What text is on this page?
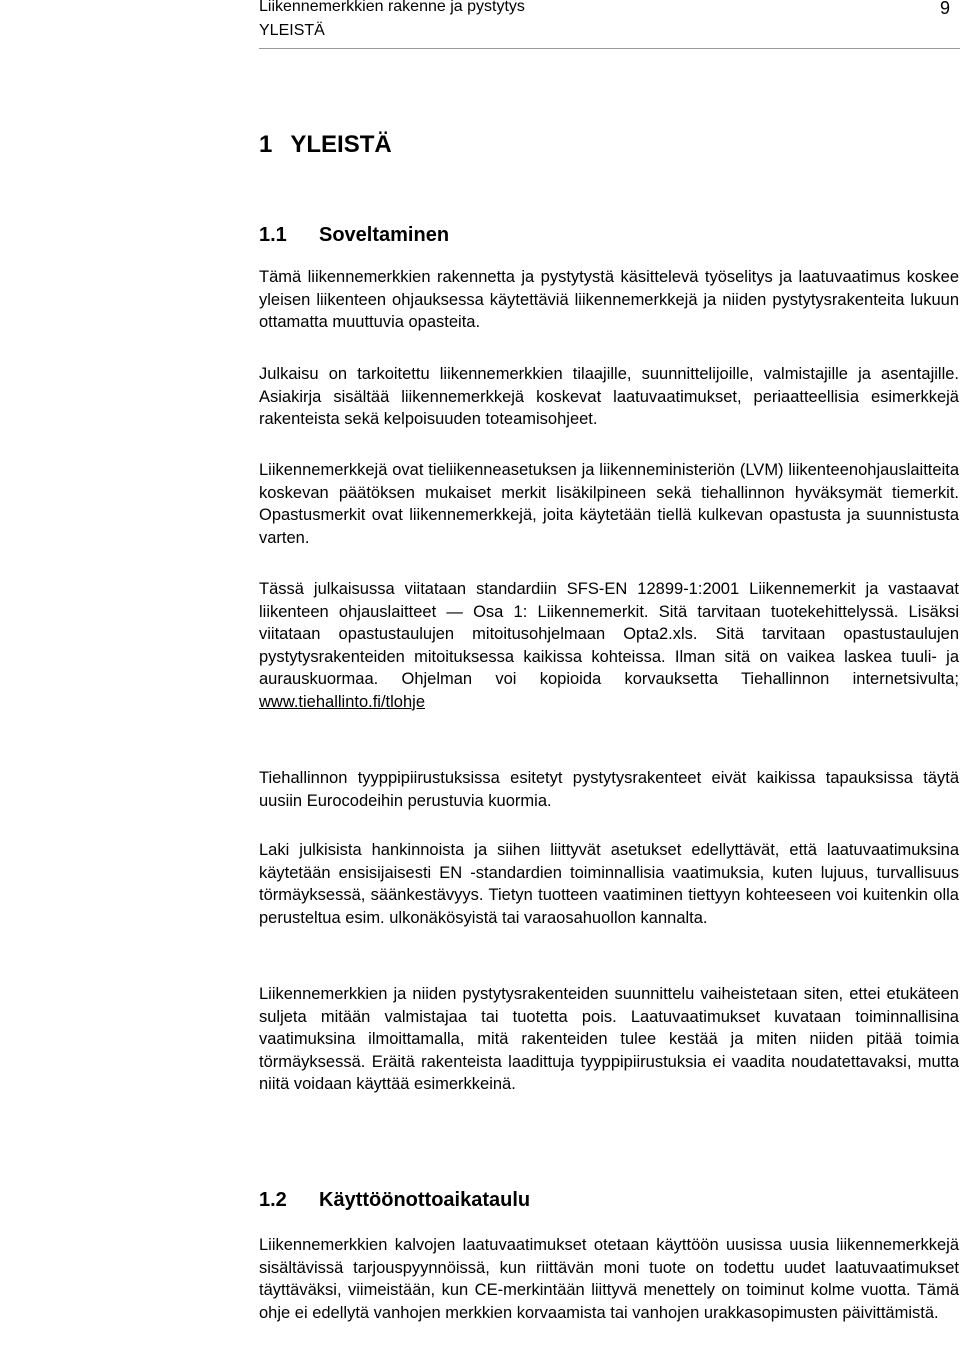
Liikennemerkkien rakenne ja pystytys
YLEISTÄ
9
1 YLEISTÄ
1.1 Soveltaminen
Tämä liikennemerkkien rakennetta ja pystytystä käsittelevä työselitys ja laatuvaatimus koskee yleisen liikenteen ohjauksessa käytettäviä liikennemerkkejä ja niiden pystytysrakenteita lukuun ottamatta muuttuvia opasteita.
Julkaisu on tarkoitettu liikennemerkkien tilaajille, suunnittelijoille, valmistajille ja asentajille. Asiakirja sisältää liikennemerkkejä koskevat laatuvaatimukset, periaatteellisia esimerkkejä rakenteista sekä kelpoisuuden toteamisohjeet.
Liikennemerkkejä ovat tieliikenneasetuksen ja liikenneministeriön (LVM) liikenteenohjauslaitteita koskevan päätöksen mukaiset merkit lisäkilpineen sekä tiehallinnon hyväksymät tiemerkit. Opastusmerkit ovat liikennemerkkejä, joita käytetään tiellä kulkevan opastusta ja suunnistusta varten.
Tässä julkaisussa viitataan standardiin SFS-EN 12899-1:2001 Liikennemerkit ja vastaavat liikenteen ohjauslaitteet — Osa 1: Liikennemerkit. Sitä tarvitaan tuotekehittelyssä. Lisäksi viitataan opastustaulujen mitoitusohjelmaan Opta2.xls. Sitä tarvitaan opastustaulujen pystytysrakenteiden mitoituksessa kaikissa kohteissa. Ilman sitä on vaikea laskea tuuli- ja aurauskuormaa. Ohjelman voi kopioida korvauksetta Tiehallinnon internetsivulta; www.tiehallinto.fi/tlohje
Tiehallinnon tyyppipiirustuksissa esitetyt pystytysrakenteet eivät kaikissa tapauksissa täytä uusiin Eurocodeihin perustuvia kuormia.
Laki julkisista hankinnoista ja siihen liittyvät asetukset edellyttävät, että laatuvaatimuksina käytetään ensisijaisesti EN -standardien toiminnallisia vaatimuksia, kuten lujuus, turvallisuus törmäyksessä, säänkestävyys. Tietyn tuotteen vaatiminen tiettyyn kohteeseen voi kuitenkin olla perusteltua esim. ulkonäkösyistä tai varaosahuollon kannalta.
Liikennemerkkien ja niiden pystytysrakenteiden suunnittelu vaiheistetaan siten, ettei etukäteen suljeta mitään valmistajaa tai tuotetta pois. Laatuvaatimukset kuvataan toiminnallisina vaatimuksina ilmoittamalla, mitä rakenteiden tulee kestää ja miten niiden pitää toimia törmäyksessä. Eräitä rakenteista laadittuja tyyppipiirustuksia ei vaadita noudatettavaksi, mutta niitä voidaan käyttää esimerkkeinä.
1.2 Käyttöönottoaikataulu
Liikennemerkkien kalvojen laatuvaatimukset otetaan käyttöön uusissa uusia liikennemerkkejä sisältävissä tarjouspyynnöissä, kun riittävän moni tuote on todettu uudet laatuvaatimukset täyttäväksi, viimeistään, kun CE-merkintään liittyvä menettely on toiminut kolme vuotta. Tämä ohje ei edellytä vanhojen merkkien korvaamista tai vanhojen urakkasopimusten päivittämistä.
